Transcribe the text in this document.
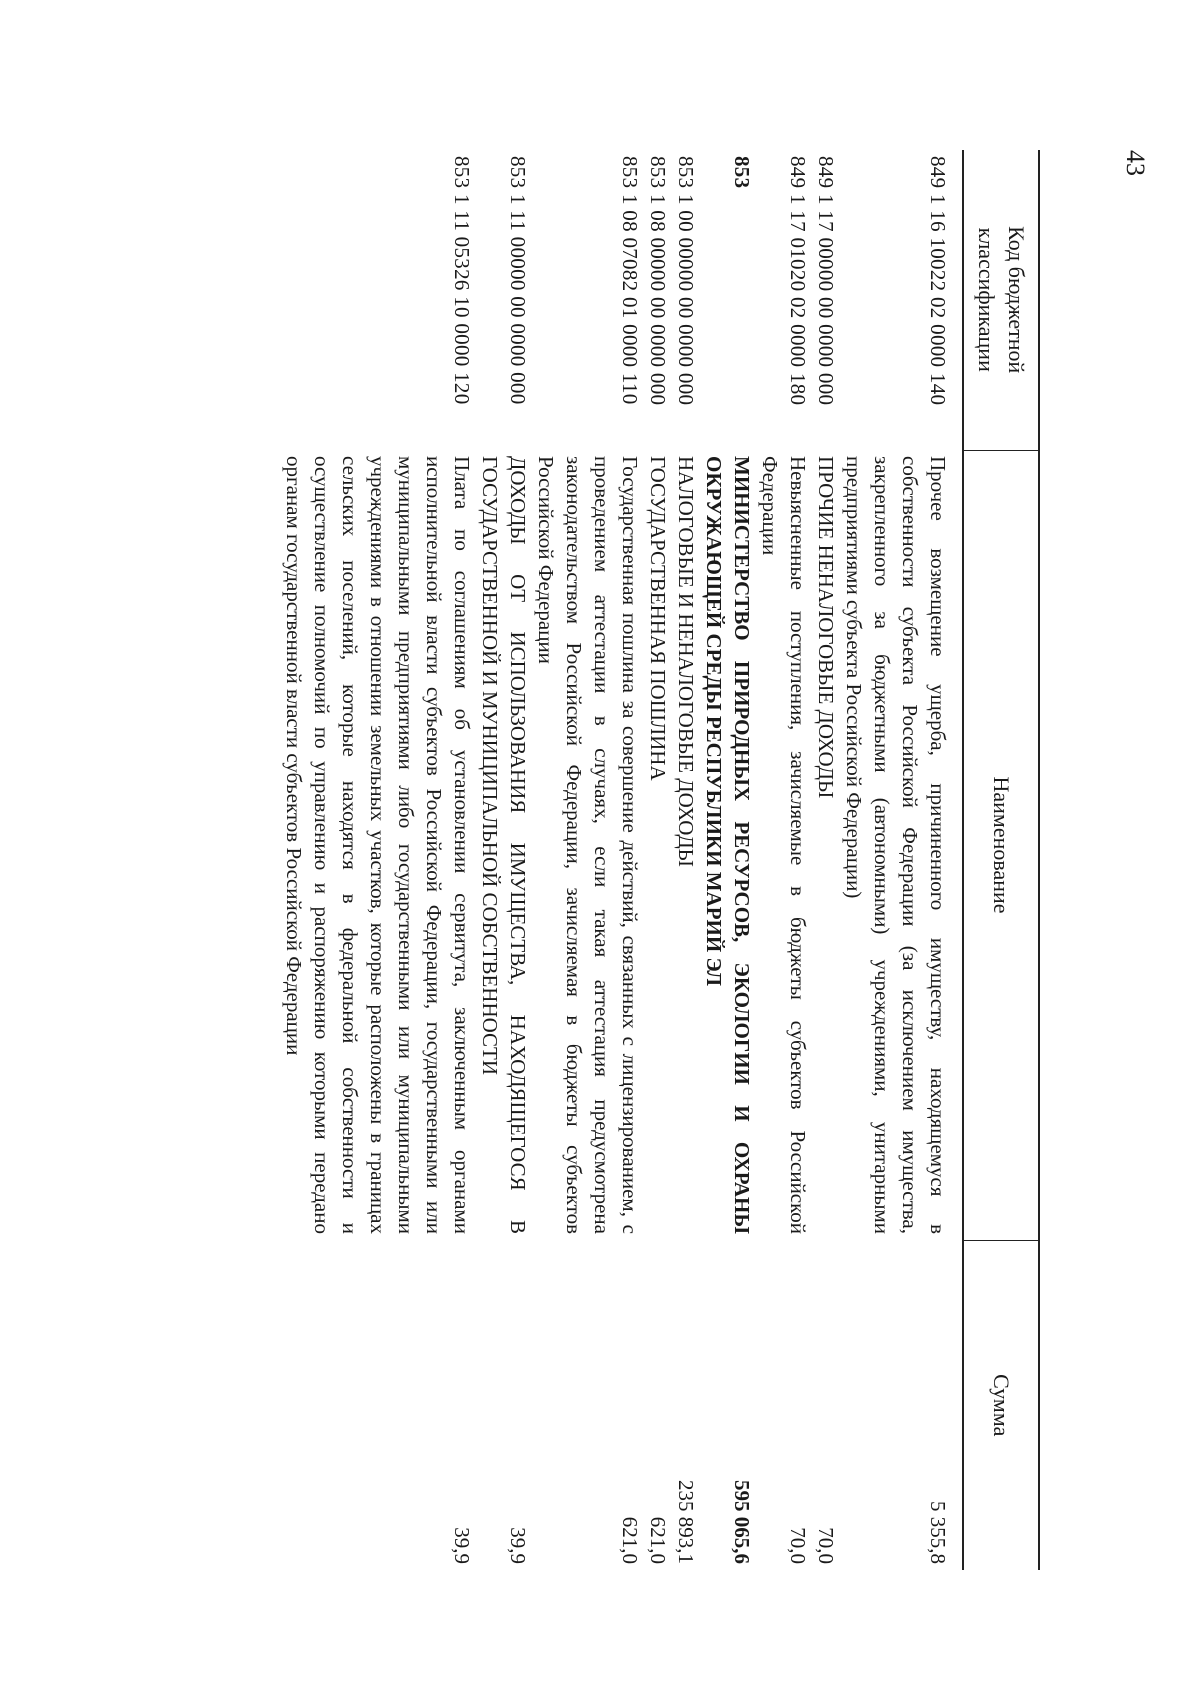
43
Код бюджетной классификации	Наименование	Сумма
849 1 16 10022 02 0000 140	Прочее возмещение ущерба, причиненного имуществу, находящемуся в собственности субъекта Российской Федерации (за исключением имущества, закрепленного за бюджетными (автономными) учреждениями, унитарными предприятиями субъекта Российской Федерации)	5 355,8
849 1 17 00000 00 0000 000	ПРОЧИЕ НЕНАЛОГОВЫЕ ДОХОДЫ	70,0
849 1 17 01020 02 0000 180	Невыясненные поступления, зачисляемые в бюджеты субъектов Российской Федерации	70,0
853	МИНИСТЕРСТВО ПРИРОДНЫХ РЕСУРСОВ, ЭКОЛОГИИ И ОХРАНЫ ОКРУЖАЮЩЕЙ СРЕДЫ РЕСПУБЛИКИ МАРИЙ ЭЛ	595 065,6
853 1 00 00000 00 0000 000	НАЛОГОВЫЕ И НЕНАЛОГОВЫЕ ДОХОДЫ	235 893,1
853 1 08 00000 00 0000 000	ГОСУДАРСТВЕННАЯ ПОШЛИНА	621,0
853 1 08 07082 01 0000 110	Государственная пошлина за совершение действий, связанных с лицензированием, с проведением аттестации в случаях, если такая аттестация предусмотрена законодательством Российской Федерации, зачисляемая в бюджеты субъектов Российской Федерации	621,0
853 1 11 00000 00 0000 000	ДОХОДЫ ОТ ИСПОЛЬЗОВАНИЯ ИМУЩЕСТВА, НАХОДЯЩЕГОСЯ В ГОСУДАРСТВЕННОЙ И МУНИЦИПАЛЬНОЙ СОБСТВЕННОСТИ	39,9
853 1 11 05326 10 0000 120	Плата по соглашениям об установлении сервитута, заключенным органами исполнительной власти субъектов Российской Федерации, государственными или муниципальными предприятиями либо государственными или муниципальными учреждениями в отношении земельных участков, которые расположены в границах сельских поселений, которые находятся в федеральной собственности и осуществление полномочий по управлению и распоряжению которыми передано органам государственной власти субъектов Российской Федерации	39,9
